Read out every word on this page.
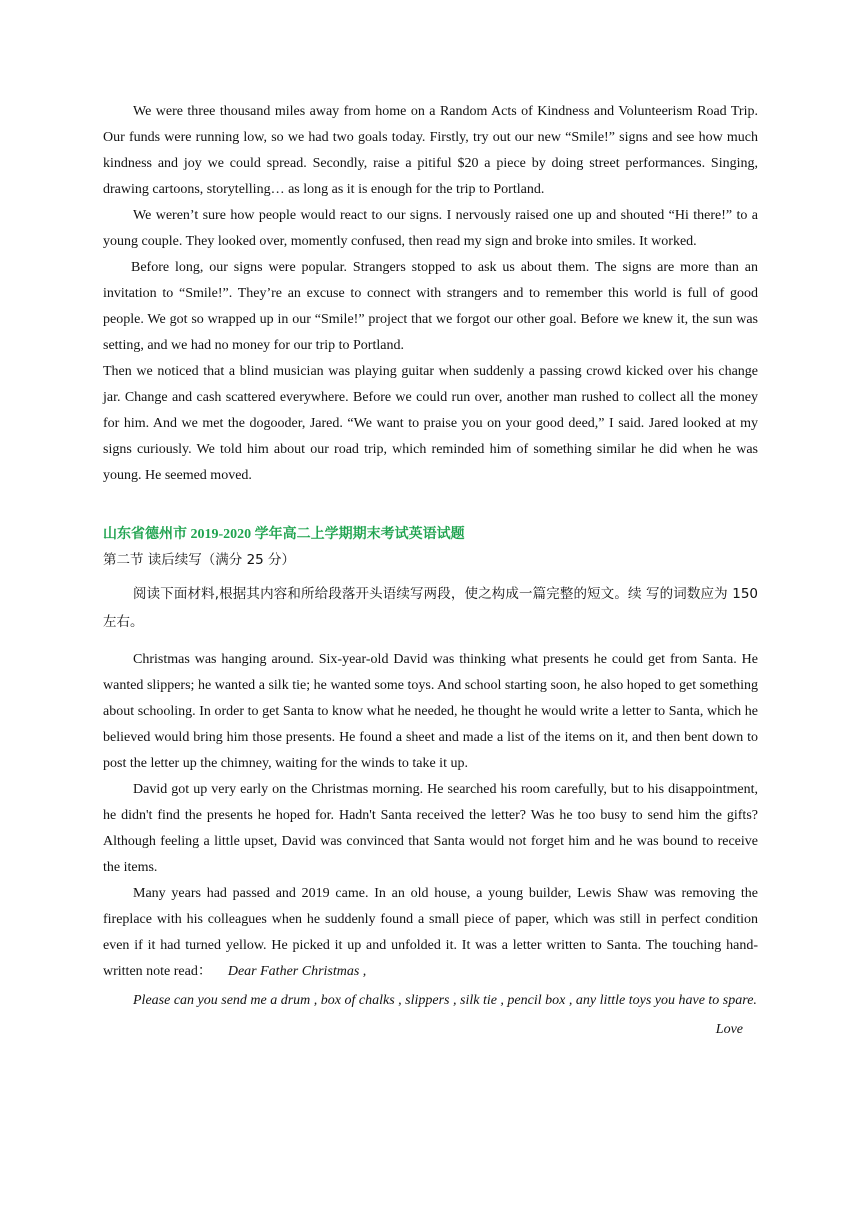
We were three thousand miles away from home on a Random Acts of Kindness and Volunteerism Road Trip. Our funds were running low, so we had two goals today. Firstly, try out our new “Smile!” signs and see how much kindness and joy we could spread. Secondly, raise a pitiful $20 a piece by doing street performances. Singing, drawing cartoons, storytelling… as long as it is enough for the trip to Portland.

We weren’t sure how people would react to our signs. I nervously raised one up and shouted “Hi there!” to a young couple. They looked over, momently confused, then read my sign and broke into smiles. It worked.

Before long, our signs were popular. Strangers stopped to ask us about them. The signs are more than an invitation to “Smile!”. They’re an excuse to connect with strangers and to remember this world is full of good people. We got so wrapped up in our “Smile!” project that we forgot our other goal. Before we knew it, the sun was setting, and we had no money for our trip to Portland.

Then we noticed that a blind musician was playing guitar when suddenly a passing crowd kicked over his change jar. Change and cash scattered everywhere. Before we could run over, another man rushed to collect all the money for him. And we met the dogooder, Jared. “We want to praise you on your good deed,” I said. Jared looked at my signs curiously. We told him about our road trip, which reminded him of something similar he did when he was young. He seemed moved.

山东省德州市 2019-2020 学年高二上学期期末考试英语试题
第二节 读后续写（满分 25 分）
阅读下面材料,根据其内容和所给段落开头语续写两段，使之构成一篇完整的短文。续 写的词数应为 150 左右。

Christmas was hanging around. Six-year-old David was thinking what presents he could get from Santa. He wanted slippers; he wanted a silk tie; he wanted some toys. And school starting soon, he also hoped to get something about schooling. In order to get Santa to know what he needed, he thought he would write a letter to Santa, which he believed would bring him those presents. He found a sheet and made a list of the items on it, and then bent down to post the letter up the chimney, waiting for the winds to take it up.

David got up very early on the Christmas morning. He searched his room carefully, but to his disappointment, he didn't find the presents he hoped for. Hadn't Santa received the letter? Was he too busy to send him the gifts? Although feeling a little upset, David was convinced that Santa would not forget him and he was bound to receive the items.

Many years had passed and 2019 came. In an old house, a young builder, Lewis Shaw was removing the fireplace with his colleagues when he suddenly found a small piece of paper, which was still in perfect condition even if it had turned yellow. He picked it up and unfolded it. It was a letter written to Santa. The touching hand-written note read： Dear Father Christmas ,

Please can you send me a drum , box of chalks , slippers , silk tie , pencil box , any little toys you have to spare.

Love
